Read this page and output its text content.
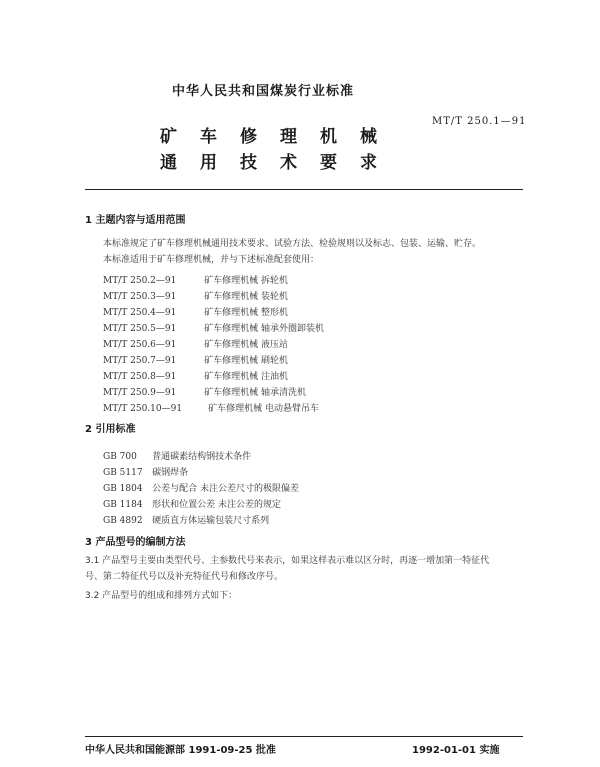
中华人民共和国煤炭行业标准
矿车修理机械
通用技术要求
MT/T 250.1—91
1 主题内容与适用范围
本标准规定了矿车修理机械通用技术要求、试验方法、检验规则以及标志、包装、运输、贮存。
本标准适用于矿车修理机械，并与下述标准配套使用：
MT/T 250.2—91	矿车修理机械 拆轮机
MT/T 250.3—91	矿车修理机械 装轮机
MT/T 250.4—91	矿车修理机械 整形机
MT/T 250.5—91	矿车修理机械 轴承外圈卸装机
MT/T 250.6—91	矿车修理机械 液压站
MT/T 250.7—91	矿车修理机械 刷轮机
MT/T 250.8—91	矿车修理机械 注油机
MT/T 250.9—91	矿车修理机械 轴承清洗机
MT/T 250.10—91	矿车修理机械 电动悬臂吊车
2 引用标准
GB 700 普通碳素结构钢技术条件
GB 5117 碳钢焊条
GB 1804 公差与配合 未注公差尺寸的极限偏差
GB 1184 形状和位置公差 未注公差的规定
GB 4892 硬质直方体运输包装尺寸系列
3 产品型号的编制方法
3.1 产品型号主要由类型代号、主参数代号来表示，如果这样表示难以区分时，再逐一增加第一特征代
号、第二特征代号以及补充特征代号和修改序号。
3.2 产品型号的组成和排列方式如下：
中华人民共和国能源部 1991-09-25 批准	1992-01-01 实施
